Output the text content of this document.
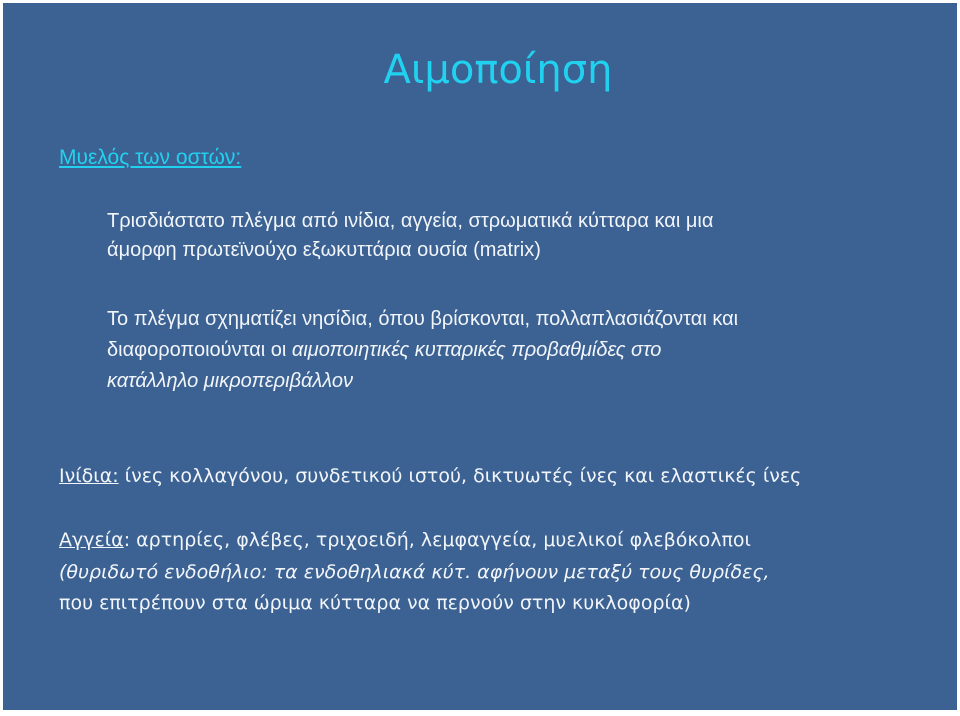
Αιμοποίηση
Μυελός των οστών:
Τρισδιάστατο πλέγμα από ινίδια, αγγεία, στρωματικά κύτταρα και μια
άμορφη πρωτεϊνούχο εξωκυττάρια ουσία (matrix)
Το πλέγμα σχηματίζει νησίδια, όπου βρίσκονται, πολλαπλασιάζονται και
διαφοροποιούνται οι αιμοποιητικές κυτταρικές προβαθμίδες στο
κατάλληλο μικροπεριβάλλον
Ινίδια: ίνες κολλαγόνου, συνδετικού ιστού, δικτυωτές ίνες και ελαστικές ίνες
Αγγεία: αρτηρίες, φλέβες, τριχοειδή, λεμφαγγεία, μυελικοί φλεβόκολποι
(θυριδωτό ενδοθήλιο: τα ενδοθηλιακά κύτ. αφήνουν μεταξύ τους θυρίδες,
που επιτρέπουν στα ώριμα κύτταρα να περνούν στην κυκλοφορία)
